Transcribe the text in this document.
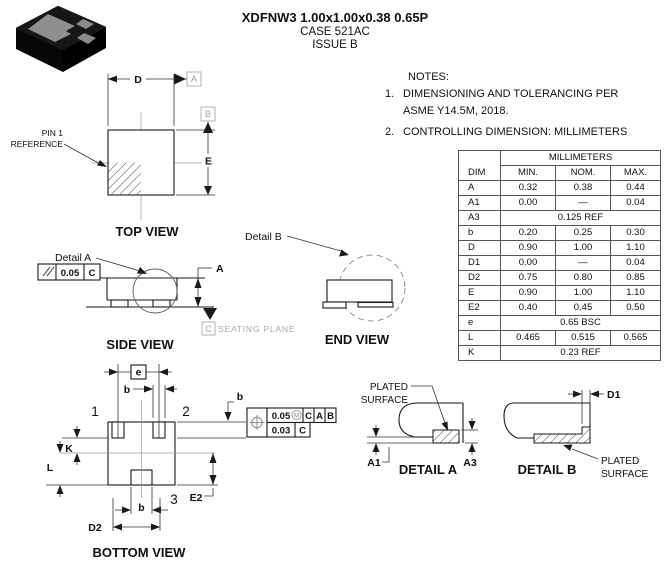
XDFNW3 1.00x1.00x0.38 0.65P
CASE 521AC
ISSUE B
NOTES:
1. DIMENSIONING AND TOLERANCING PER
ASME Y14.5M, 2018.
2. CONTROLLING DIMENSION: MILLIMETERS
DIM	MILLIMETERS		
	MIN.	NOM.	MAX.
A	0.32	0.38	0.44
A1	0.00	—	0.04
A3	0.125 REF		
b	0.20	0.25	0.30
D	0.90	1.00	1.10
D1	0.00	—	0.04
D2	0.75	0.80	0.85
E	0.90	1.00	1.10
E2	0.40	0.45	0.50
e	0.65 BSC		
L	0.465	0.515	0.565
K	0.23 REF		
D	A
B
E
PIN 1
REFERENCE
TOP VIEW
Detail A
0.05 C	A
C SEATING PLANE
SIDE VIEW
Detail B
END VIEW
e
b
b
0.05 M C A B
0.03 C
K
L
E2
b
D2
1	2
3
BOTTOM VIEW
PLATED
SURFACE
A1	A3
DETAIL A
D1
PLATED
SURFACE
DETAIL B
